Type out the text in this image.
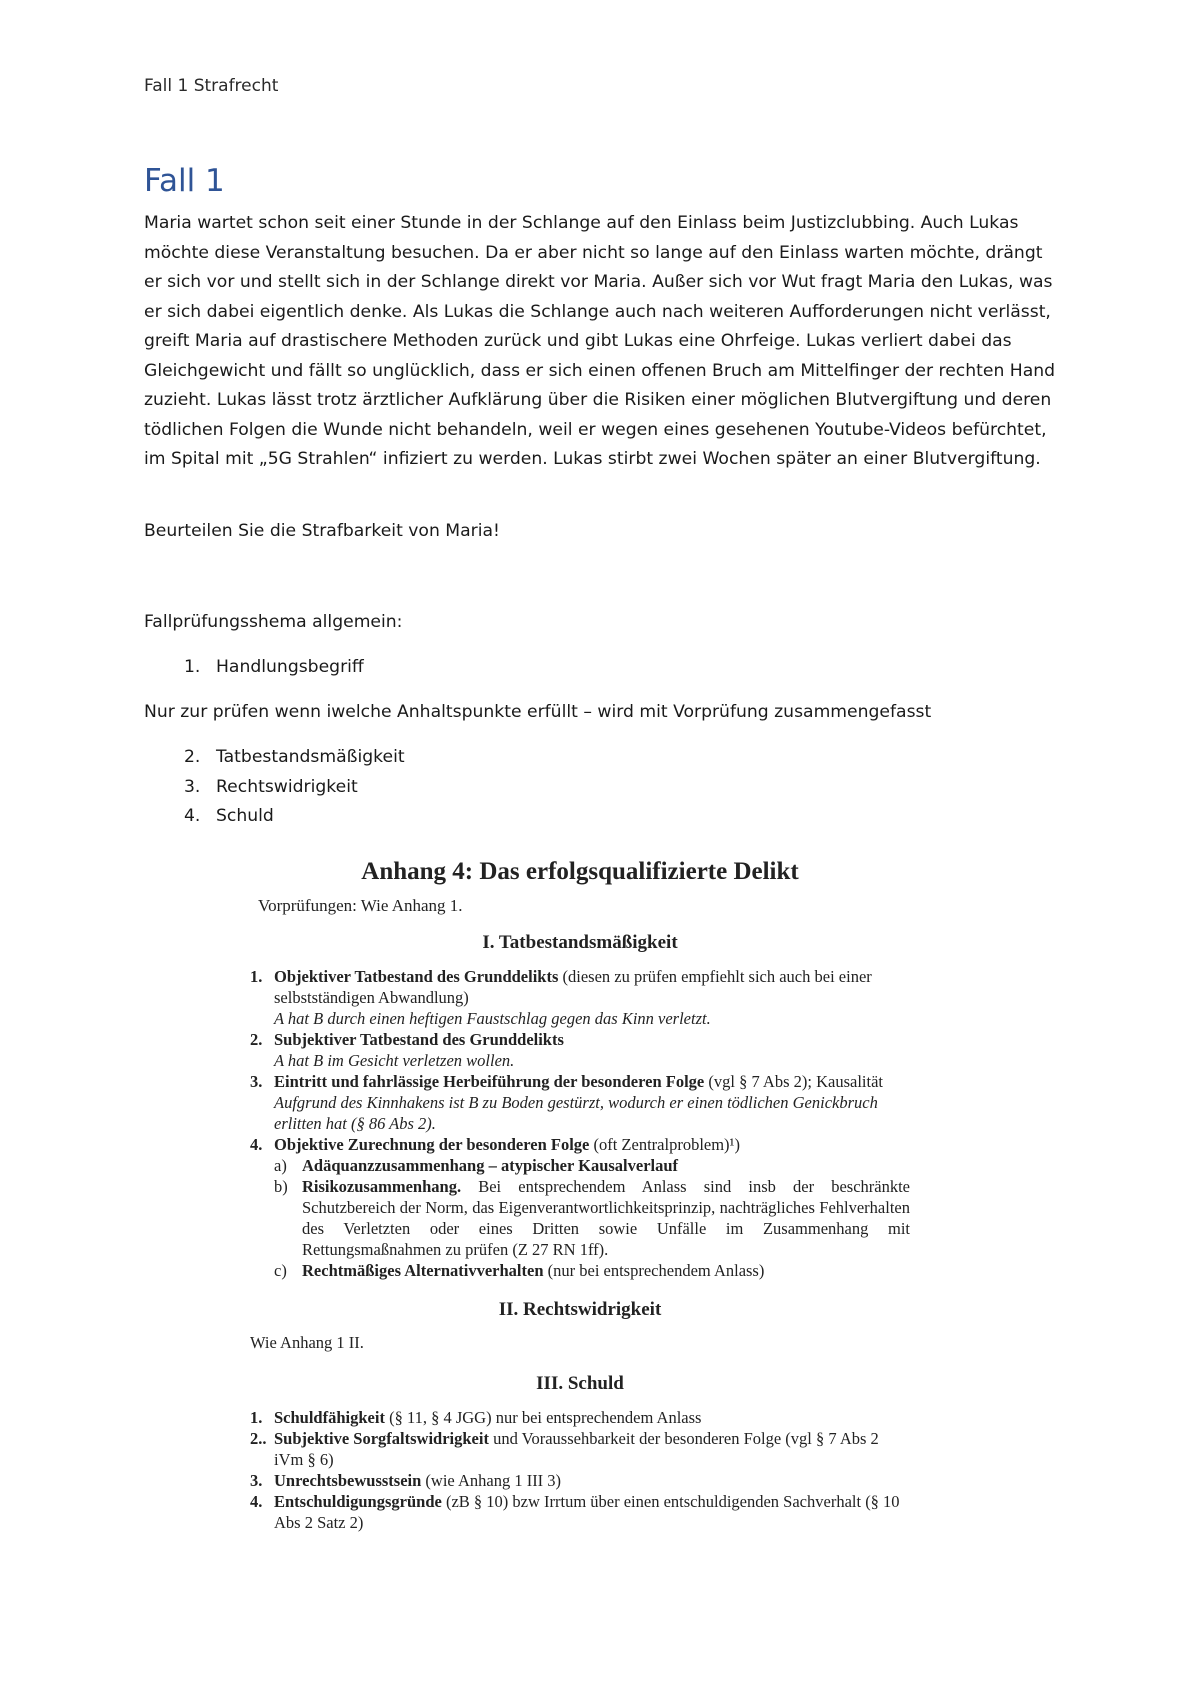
Fall 1 Strafrecht
Fall 1

Maria wartet schon seit einer Stunde in der Schlange auf den Einlass beim Justizclubbing. Auch Lukas möchte diese Veranstaltung besuchen. Da er aber nicht so lange auf den Einlass warten möchte, drängt er sich vor und stellt sich in der Schlange direkt vor Maria. Außer sich vor Wut fragt Maria den Lukas, was er sich dabei eigentlich denke. Als Lukas die Schlange auch nach weiteren Aufforderungen nicht verlässt, greift Maria auf drastischere Methoden zurück und gibt Lukas eine Ohrfeige. Lukas verliert dabei das Gleichgewicht und fällt so unglücklich, dass er sich einen offenen Bruch am Mittelfinger der rechten Hand zuzieht. Lukas lässt trotz ärztlicher Aufklärung über die Risiken einer möglichen Blutvergiftung und deren tödlichen Folgen die Wunde nicht behandeln, weil er wegen eines gesehenen Youtube-Videos befürchtet, im Spital mit „5G Strahlen“ infiziert zu werden. Lukas stirbt zwei Wochen später an einer Blutvergiftung.

Beurteilen Sie die Strafbarkeit von Maria!

Fallprüfungsshema allgemein:

1. Handlungsbegriff

Nur zur prüfen wenn iwelche Anhaltspunkte erfüllt – wird mit Vorprüfung zusammengefasst

2. Tatbestandsmäßigkeit
3. Rechtswidrigkeit
4. Schuld
Anhang 4: Das erfolgsqualifizierte Delikt
Vorprüfungen: Wie Anhang 1.
I. Tatbestandsmäßigkeit
1. Objektiver Tatbestand des Grunddelikts (diesen zu prüfen empfiehlt sich auch bei einer selbstständigen Abwandlung)
A hat B durch einen heftigen Faustschlag gegen das Kinn verletzt.
2. Subjektiver Tatbestand des Grunddelikts
A hat B im Gesicht verletzen wollen.
3. Eintritt und fahrlässige Herbeiführung der besonderen Folge (vgl § 7 Abs 2); Kausalität
Aufgrund des Kinnhakens ist B zu Boden gestürzt, wodurch er einen tödlichen Genickbruch erlitten hat (§ 86 Abs 2).
4. Objektive Zurechnung der besonderen Folge (oft Zentralproblem)¹)
a) Adäquanzzusammenhang – atypischer Kausalverlauf
b) Risikozusammenhang. Bei entsprechendem Anlass sind insb der beschränkte Schutzbereich der Norm, das Eigenverantwortlichkeitsprinzip, nachträgliches Fehlverhalten des Verletzten oder eines Dritten sowie Unfälle im Zusammenhang mit Rettungsmaßnahmen zu prüfen (Z 27 RN 1ff).
c) Rechtmäßiges Alternativverhalten (nur bei entsprechendem Anlass)
II. Rechtswidrigkeit
Wie Anhang 1 II.
III. Schuld
1. Schuldfähigkeit (§ 11, § 4 JGG) nur bei entsprechendem Anlass
2.. Subjektive Sorgfaltswidrigkeit und Voraussehbarkeit der besonderen Folge (vgl § 7 Abs 2 iVm § 6)
3. Unrechtsbewusstsein (wie Anhang 1 III 3)
4. Entschuldigungsgründe (zB § 10) bzw Irrtum über einen entschuldigenden Sachverhalt (§ 10 Abs 2 Satz 2)
